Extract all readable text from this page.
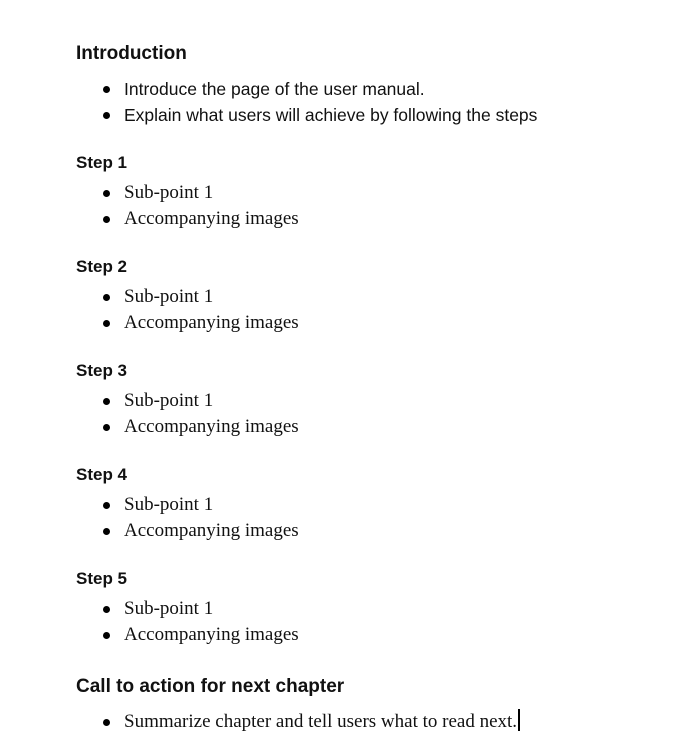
Introduction
Introduce the page of the user manual.
Explain what users will achieve by following the steps
Step 1
Sub-point 1
Accompanying images
Step 2
Sub-point 1
Accompanying images
Step 3
Sub-point 1
Accompanying images
Step 4
Sub-point 1
Accompanying images
Step 5
Sub-point 1
Accompanying images
Call to action for next chapter
Summarize chapter and tell users what to read next.
